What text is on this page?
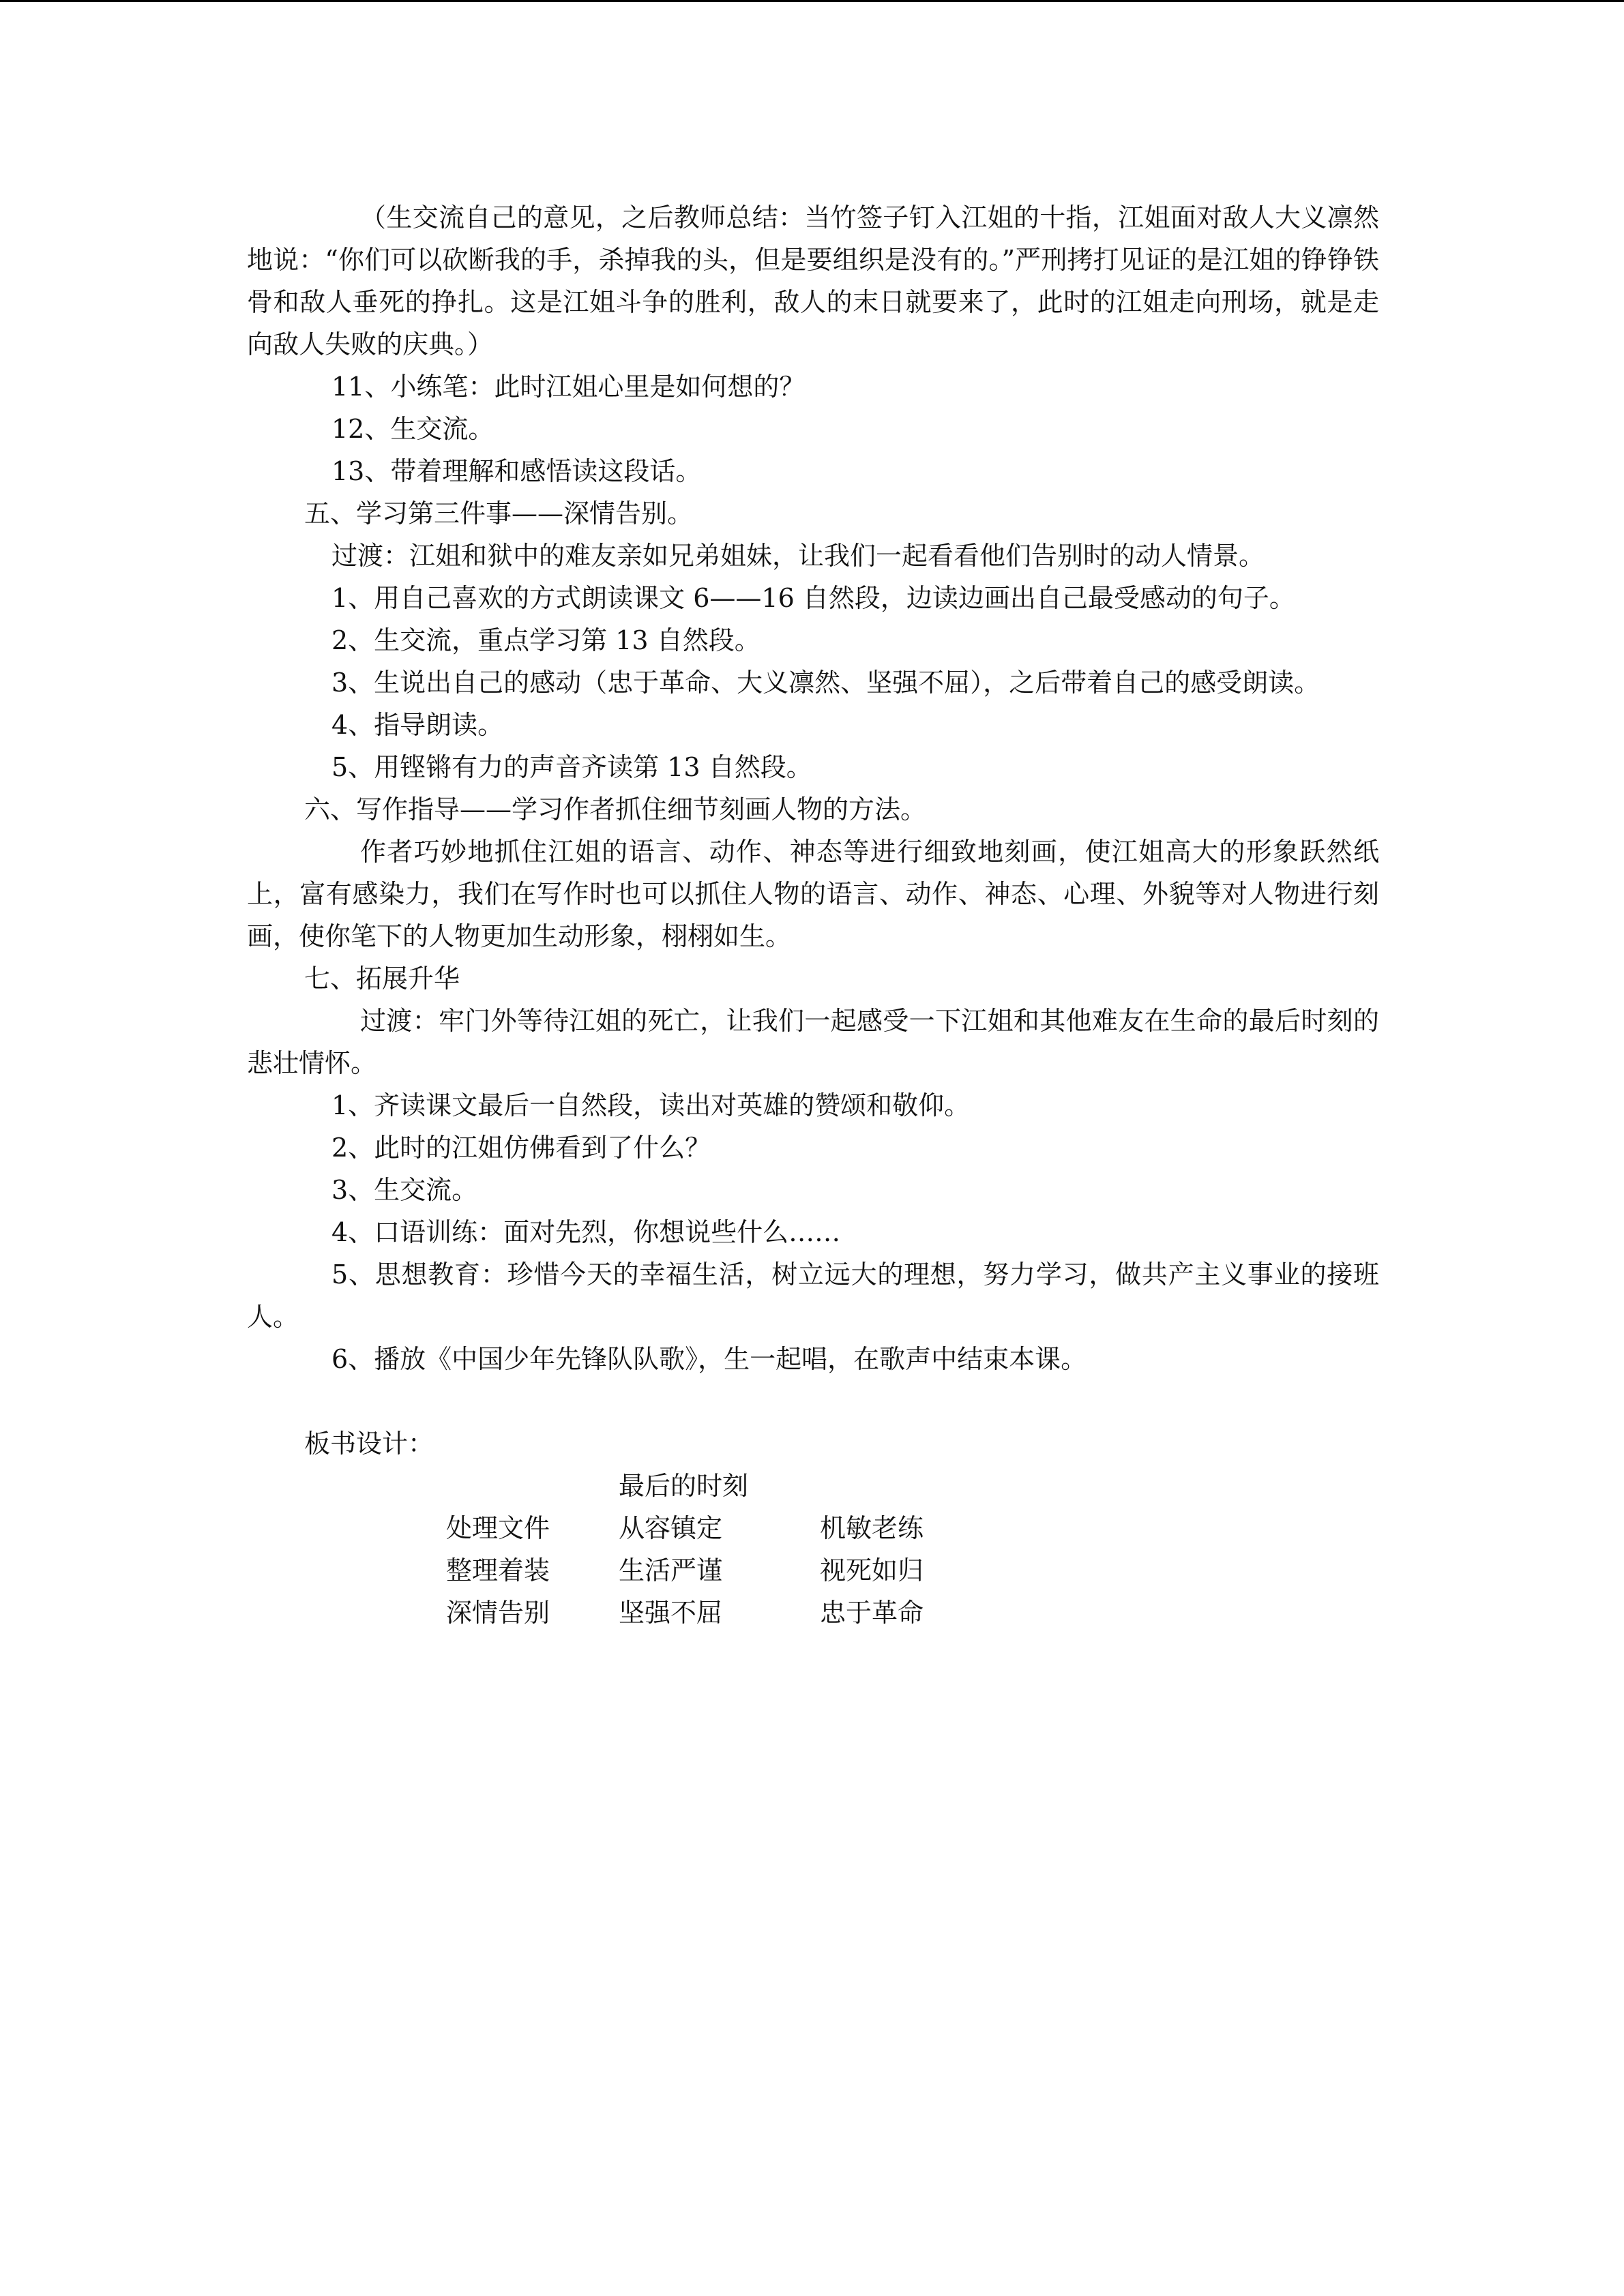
（生交流自己的意见，之后教师总结：当竹签子钉入江姐的十指，江姐面对敌人大义凛然地说：“你们可以砍断我的手，杀掉我的头，但是要组织是没有的。”严刑拷打见证的是江姐的铮铮铁骨和敌人垂死的挣扎。这是江姐斗争的胜利，敌人的末日就要来了，此时的江姐走向刑场，就是走向敌人失败的庆典。）

11、小练笔：此时江姐心里是如何想的？

12、生交流。

13、带着理解和感悟读这段话。

五、学习第三件事——深情告别。

过渡：江姐和狱中的难友亲如兄弟姐妹，让我们一起看看他们告别时的动人情景。

1、用自己喜欢的方式朗读课文 6——16 自然段，边读边画出自己最受感动的句子。

2、生交流，重点学习第 13 自然段。

3、生说出自己的感动（忠于革命、大义凛然、坚强不屈），之后带着自己的感受朗读。

4、指导朗读。

5、用铿锵有力的声音齐读第 13 自然段。

六、写作指导——学习作者抓住细节刻画人物的方法。

作者巧妙地抓住江姐的语言、动作、神态等进行细致地刻画，使江姐高大的形象跃然纸上，富有感染力，我们在写作时也可以抓住人物的语言、动作、神态、心理、外貌等对人物进行刻画，使你笔下的人物更加生动形象，栩栩如生。

七、拓展升华

过渡：牢门外等待江姐的死亡，让我们一起感受一下江姐和其他难友在生命的最后时刻的悲壮情怀。

1、齐读课文最后一自然段，读出对英雄的赞颂和敬仰。

2、此时的江姐仿佛看到了什么？

3、生交流。

4、口语训练：面对先烈，你想说些什么……

5、思想教育：珍惜今天的幸福生活，树立远大的理想，努力学习，做共产主义事业的接班人。

6、播放《中国少年先锋队队歌》，生一起唱，在歌声中结束本课。

板书设计：

最后的时刻
处理文件	从容镇定	机敏老练
整理着装	生活严谨	视死如归
深情告别	坚强不屈	忠于革命
